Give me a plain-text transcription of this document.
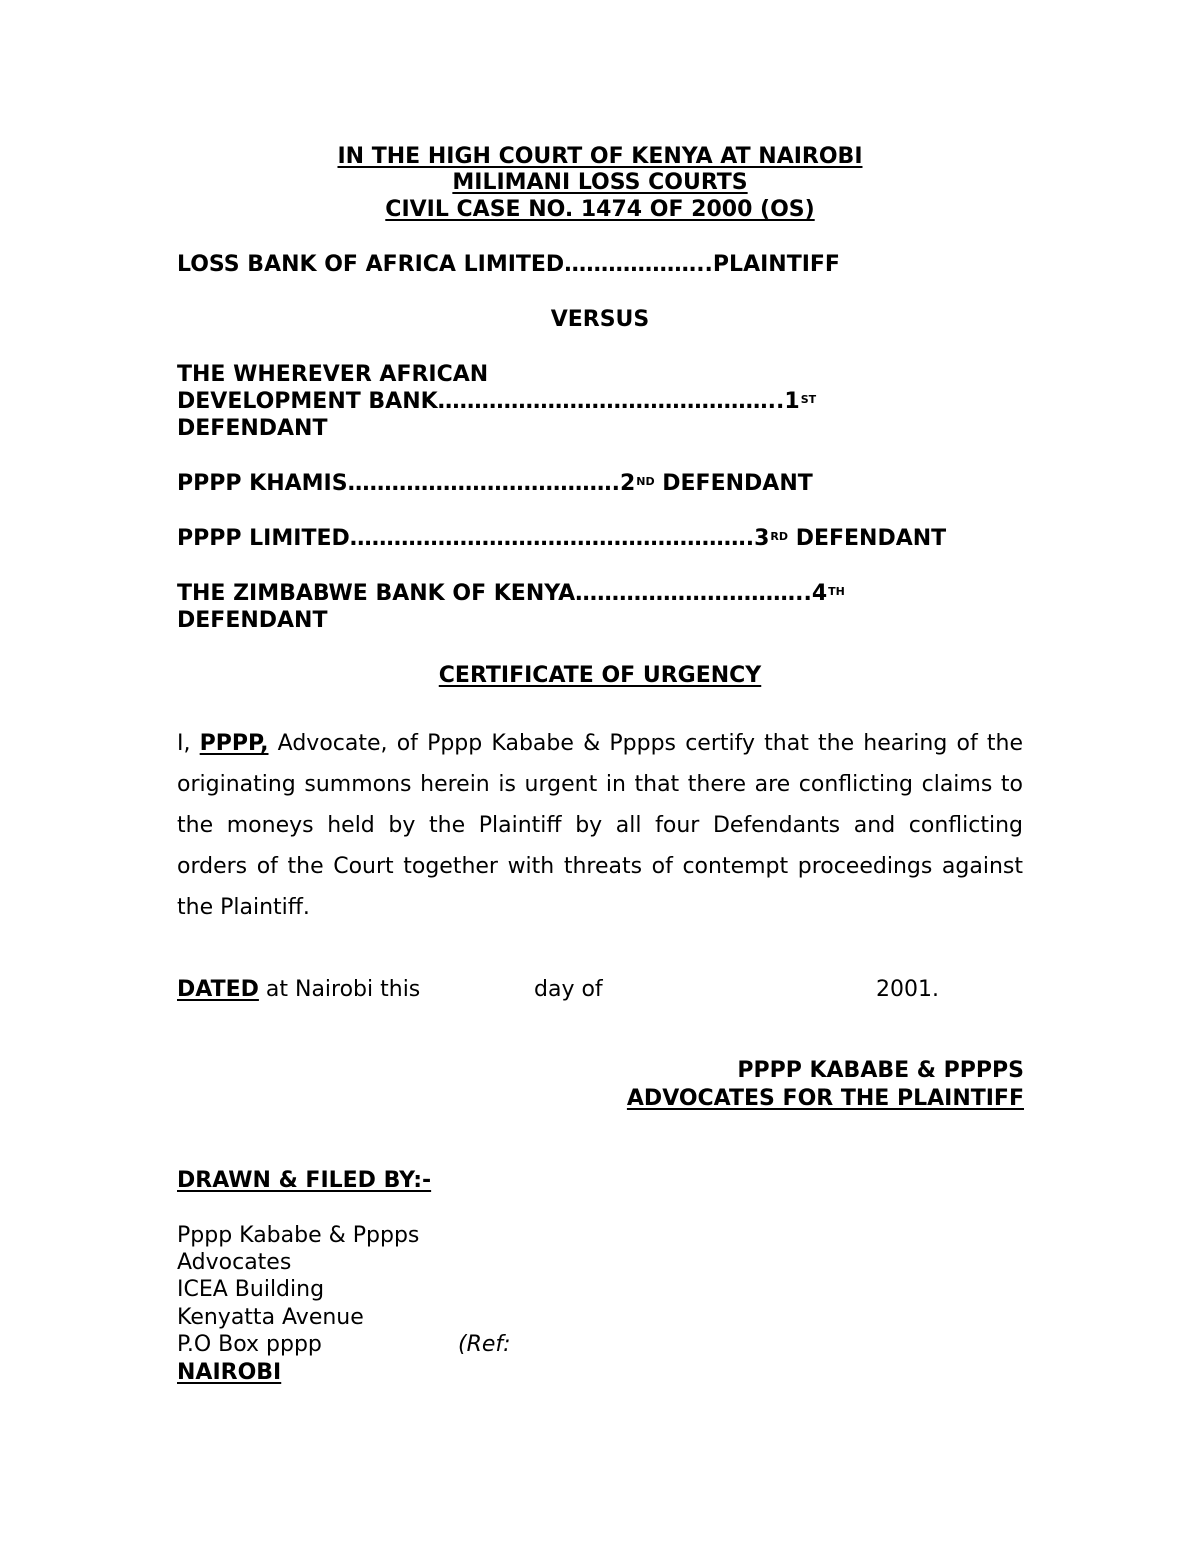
IN THE HIGH COURT OF KENYA AT NAIROBI
MILIMANI LOSS COURTS
CIVIL CASE NO. 1474 OF 2000 (OS)
LOSS BANK OF AFRICA LIMITED………………..PLAINTIFF
VERSUS
THE WHEREVER AFRICAN
DEVELOPMENT BANK………………………………………..1ST
DEFENDANT
PPPP KHAMIS……………………………….2ND DEFENDANT
PPPP LIMITED……………………………………………….3RD DEFENDANT
THE ZIMBABWE BANK OF KENYA…………………………..4TH
DEFENDANT
CERTIFICATE OF URGENCY
I, PPPP, Advocate, of Pppp Kababe & Pppps certify that the hearing of the originating summons herein is urgent in that there are conflicting claims to the moneys held by the Plaintiff by all four Defendants and conflicting orders of the Court together with threats of contempt proceedings against the Plaintiff.
DATED at Nairobi this	day of	2001.
PPPP KABABE & PPPPS
ADVOCATES FOR THE PLAINTIFF
DRAWN & FILED BY:-
Pppp Kababe & Pppps
Advocates
ICEA Building
Kenyatta Avenue
P.O Box pppp	(Ref:
NAIROBI
